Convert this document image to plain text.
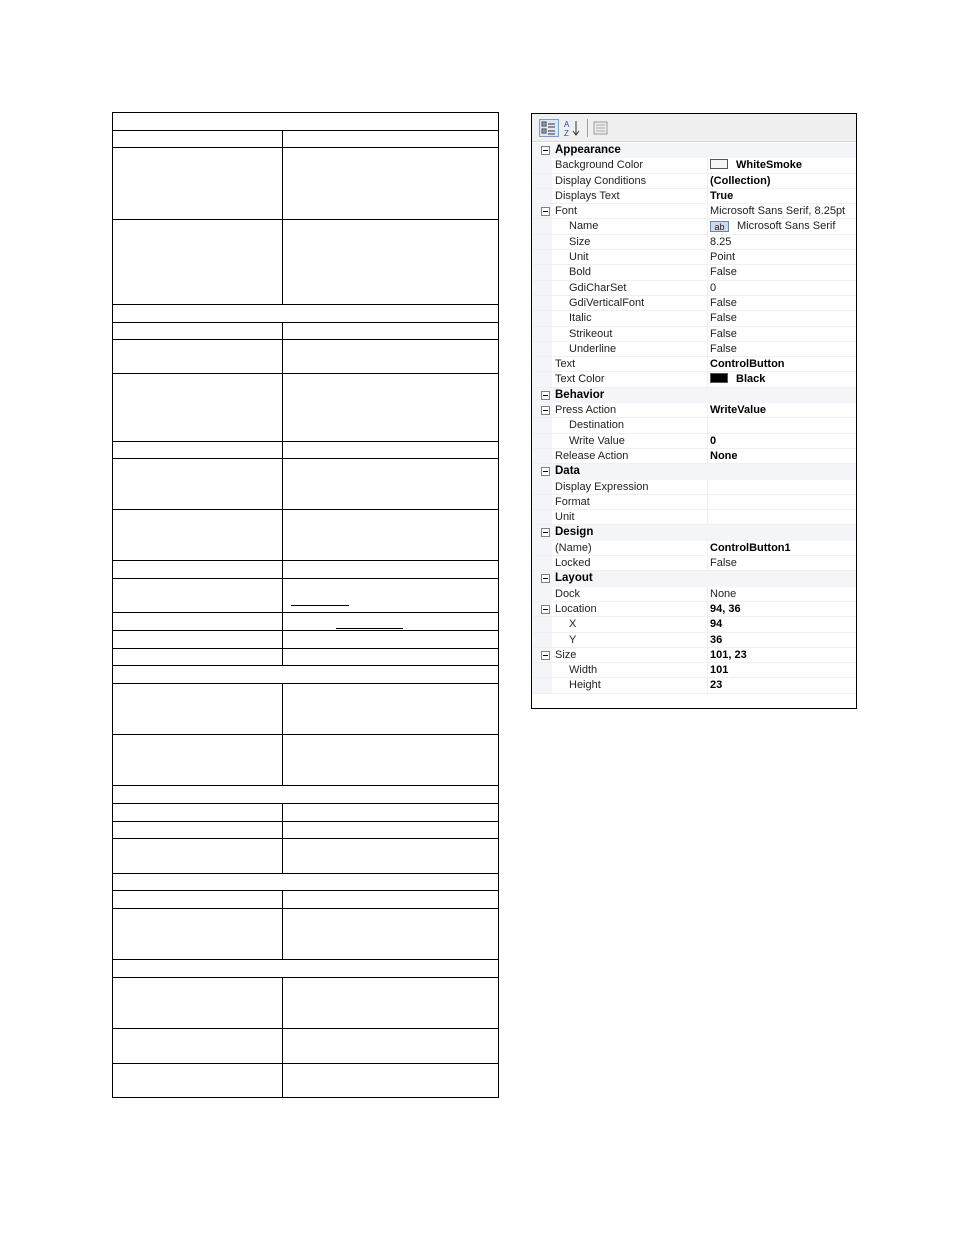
A
Z
Appearance
Background Color	WhiteSmoke
Display Conditions	(Collection)
Displays Text	True
Font	Microsoft Sans Serif, 8.25pt
Name	ab Microsoft Sans Serif
Size	8.25
Unit	Point
Bold	False
GdiCharSet	0
GdiVerticalFont	False
Italic	False
Strikeout	False
Underline	False
Text	ControlButton
Text Color	Black
Behavior
Press Action	WriteValue
Destination
Write Value	0
Release Action	None
Data
Display Expression
Format
Unit
Design
(Name)	ControlButton1
Locked	False
Layout
Dock	None
Location	94, 36
X	94
Y	36
Size	101, 23
Width	101
Height	23
